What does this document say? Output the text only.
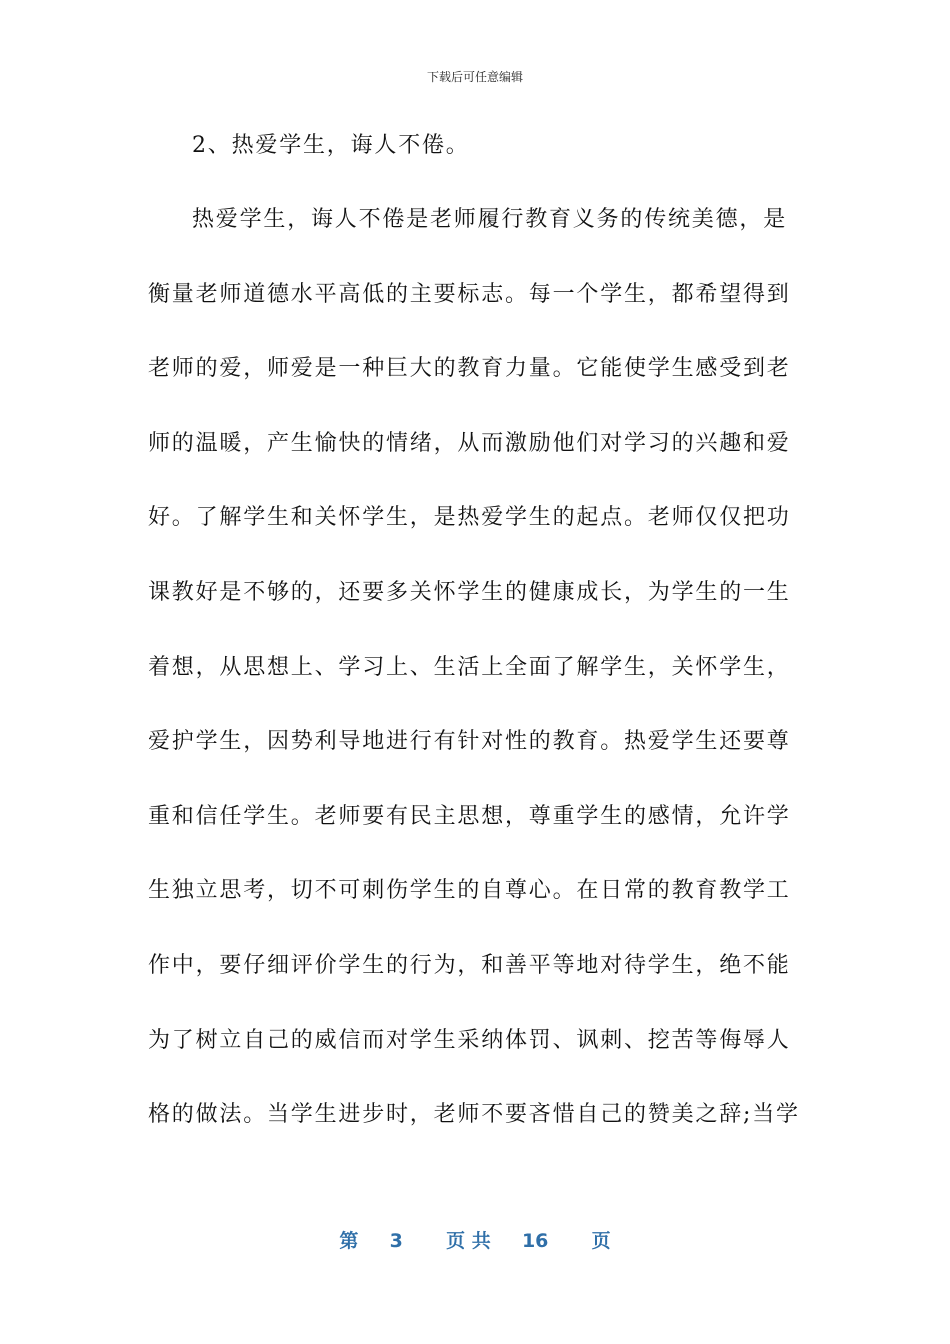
下载后可任意编辑
2、热爱学生，诲人不倦。
热爱学生，诲人不倦是老师履行教育义务的传统美德，是
衡量老师道德水平高低的主要标志。每一个学生，都希望得到
老师的爱，师爱是一种巨大的教育力量。它能使学生感受到老
师的温暖，产生愉快的情绪，从而激励他们对学习的兴趣和爱
好。了解学生和关怀学生，是热爱学生的起点。老师仅仅把功
课教好是不够的，还要多关怀学生的健康成长，为学生的一生
着想，从思想上、学习上、生活上全面了解学生，关怀学生，
爱护学生，因势利导地进行有针对性的教育。热爱学生还要尊
重和信任学生。老师要有民主思想，尊重学生的感情，允许学
生独立思考，切不可刺伤学生的自尊心。在日常的教育教学工
作中，要仔细评价学生的行为，和善平等地对待学生，绝不能
为了树立自己的威信而对学生采纳体罚、讽刺、挖苦等侮辱人
格的做法。当学生进步时，老师不要吝惜自己的赞美之辞;当学
第 3 页 共 16 页
